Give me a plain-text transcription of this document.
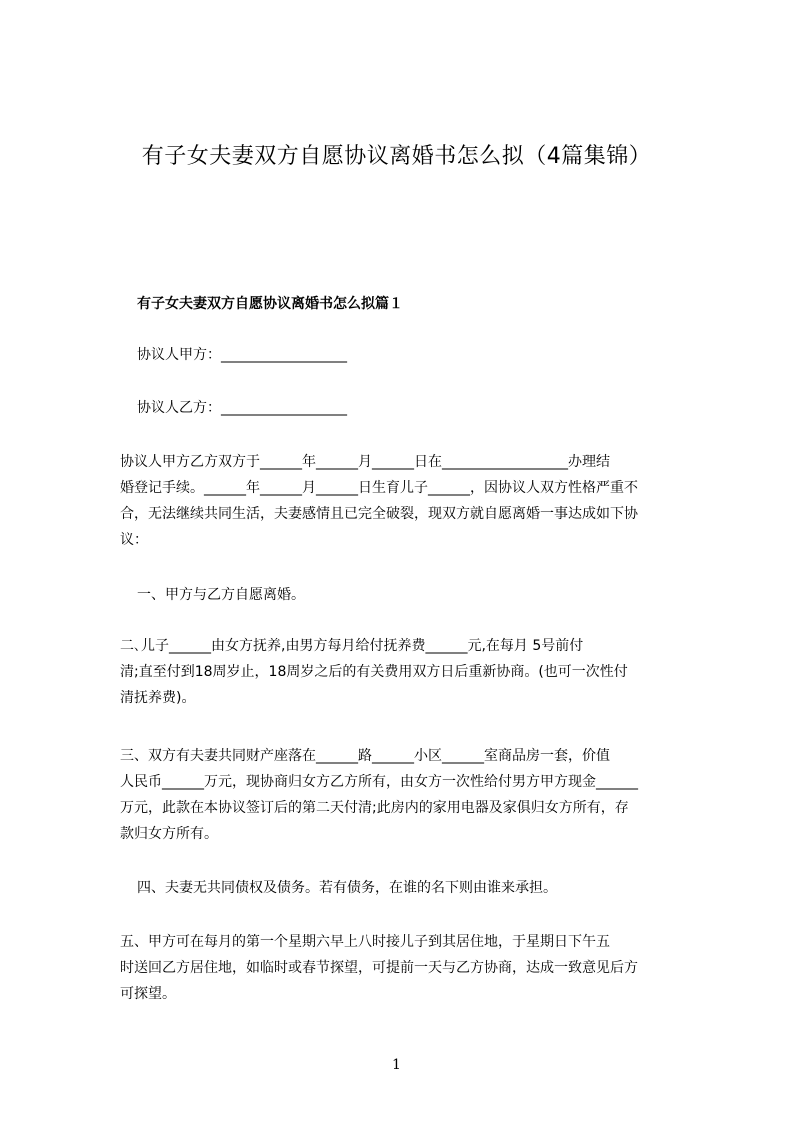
有子女夫妻双方自愿协议离婚书怎么拟（4篇集锦）
有子女夫妻双方自愿协议离婚书怎么拟篇１
协议人甲方：__________________
协议人乙方：__________________
协议人甲方乙方双方于______年______月______日在__________________办理结
婚登记手续。______年______月______日生育儿子______，因协议人双方性格严重不
合，无法继续共同生活，夫妻感情且已完全破裂，现双方就自愿离婚一事达成如下协
议：
一、甲方与乙方自愿离婚。
二､儿子______由女方抚养,由男方每月给付抚养费______元,在每月 5号前付
清;直至付到18周岁止，18周岁之后的有关费用双方日后重新协商。(也可一次性付
清抚养费)。
三、双方有夫妻共同财产座落在______路______小区______室商品房一套，价值
人民币______万元，现协商归女方乙方所有，由女方一次性给付男方甲方现金______
万元，此款在本协议签订后的第二天付清;此房内的家用电器及家俱归女方所有，存
款归女方所有。
四、夫妻无共同债权及债务。若有债务，在谁的名下则由谁来承担。
五、甲方可在每月的第一个星期六早上八时接儿子到其居住地，于星期日下午五
时送回乙方居住地，如临时或春节探望，可提前一天与乙方协商，达成一致意见后方
可探望。
1
